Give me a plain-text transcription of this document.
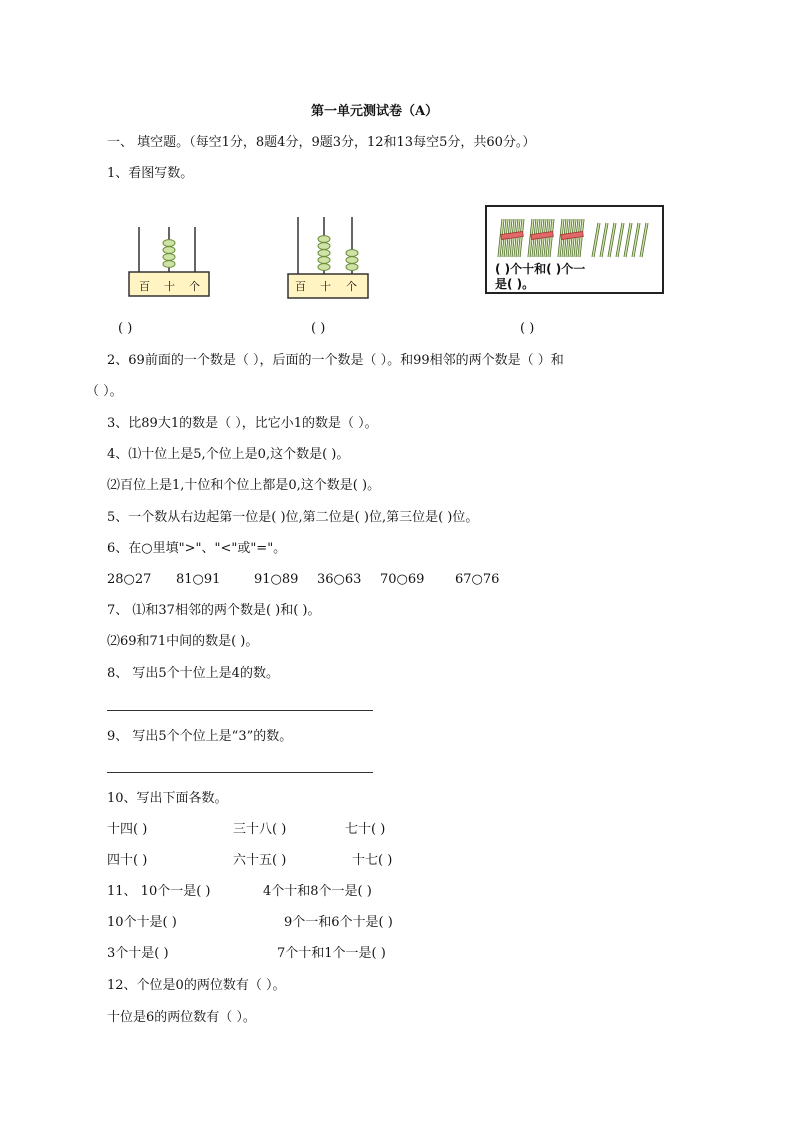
第一单元测试卷（A）
一、 填空题。（每空1分，8题4分，9题3分，12和13每空5分，共60分。）
1、看图写数。
百 十 个	百 十 个
( )个十和( )个一
是( )。
( )	( )	( )
2、69前面的一个数是（ ），后面的一个数是（ ）。和99相邻的两个数是（ ）和
（ ）。
3、比89大1的数是（ ），比它小1的数是（ ）。
4、⑴十位上是5,个位上是0,这个数是( )。
⑵百位上是1,十位和个位上都是0,这个数是( )。
5、一个数从右边起第一位是( )位,第二位是( )位,第三位是( )位。
6、在○里填">"、"<"或"="。
28○27 81○91	91○89 36○63 70○69 67○76
7、 ⑴和37相邻的两个数是( )和( )。
⑵69和71中间的数是( )。
8、 写出5个十位上是4的数。
9、 写出5个个位上是“3”的数。
10、写出下面各数。
十四( )	三十八( )	七十( )
四十( )	六十五( )	十七( )
11、 10个一是( )	4个十和8个一是( )
10个十是( )	9个一和6个十是( )
3个十是( )	7个十和1个一是( )
12、个位是0的两位数有（ ）。
十位是6的两位数有（ ）。
